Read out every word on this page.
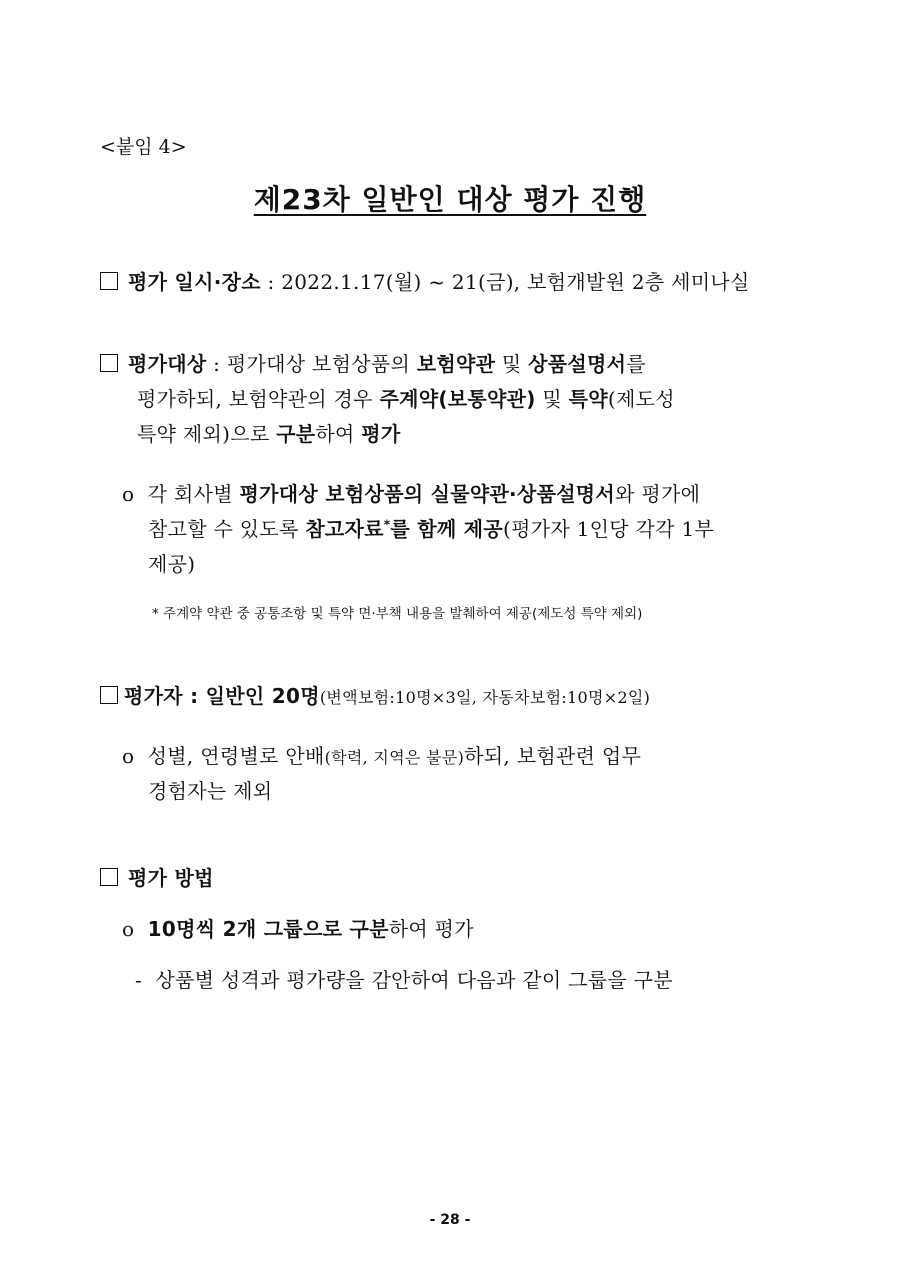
<붙임 4>
제23차 일반인 대상 평가 진행
평가 일시·장소 : 2022.1.17(월) ~ 21(금), 보험개발원 2층 세미나실
평가대상 : 평가대상 보험상품의 보험약관 및 상품설명서를
평가하되, 보험약관의 경우 주계약(보통약관) 및 특약(제도성
특약 제외)으로 구분하여 평가
o 각 회사별 평가대상 보험상품의 실물약관·상품설명서와 평가에
참고할 수 있도록 참고자료*를 함께 제공(평가자 1인당 각각 1부
제공)
* 주계약 약관 중 공통조항 및 특약 면·부책 내용을 발췌하여 제공(제도성 특약 제외)
평가자 : 일반인 20명(변액보험:10명×3일, 자동차보험:10명×2일)
o 성별, 연령별로 안배(학력, 지역은 불문)하되, 보험관련 업무
경험자는 제외
평가 방법
o 10명씩 2개 그룹으로 구분하여 평가
- 상품별 성격과 평가량을 감안하여 다음과 같이 그룹을 구분
- 28 -
